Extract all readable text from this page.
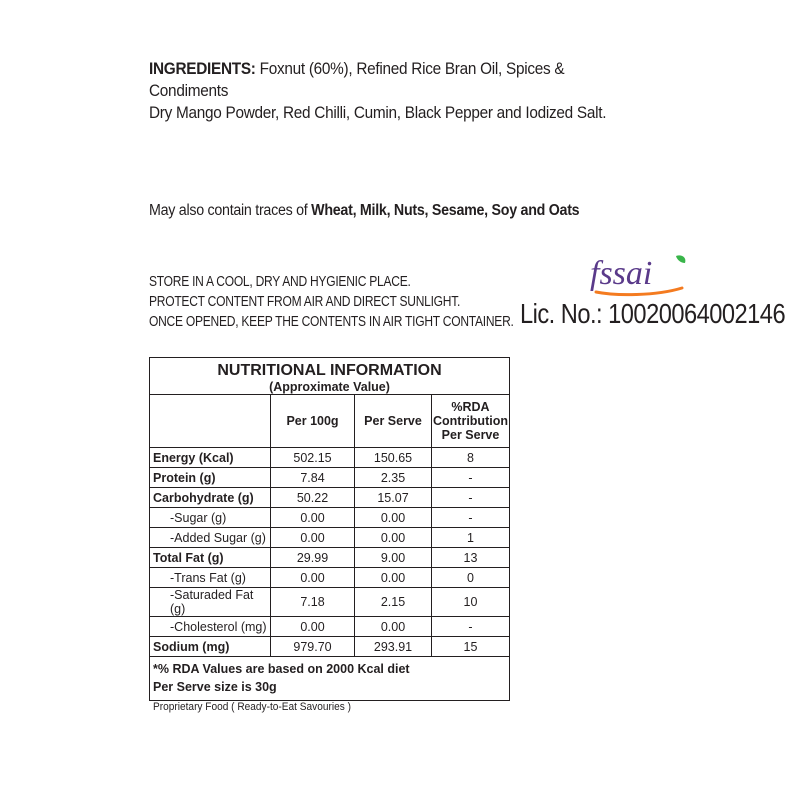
INGREDIENTS: Foxnut (60%), Refined Rice Bran Oil, Spices & Condiments
Dry Mango Powder, Red Chilli, Cumin, Black Pepper and Iodized Salt.
May also contain traces of Wheat, Milk, Nuts, Sesame, Soy and Oats
STORE IN A COOL, DRY AND HYGIENIC PLACE.
PROTECT CONTENT FROM AIR AND DIRECT SUNLIGHT.
ONCE OPENED, KEEP THE CONTENTS IN AIR TIGHT CONTAINER.
fssai
Lic. No.: 10020064002146
NUTRITIONAL INFORMATION
(Approximate Value)			

	Per 100g	Per Serve	%RDA
Contribution
Per Serve

Energy (Kcal)	502.15	150.65	8
Protein (g)	7.84	2.35	-
Carbohydrate (g)	50.22	15.07	-
-Sugar (g)	0.00	0.00	-
-Added Sugar (g)	0.00	0.00	1
Total Fat (g)	29.99	9.00	13
-Trans Fat (g)	0.00	0.00	0
-Saturaded Fat (g)	7.18	2.15	10
-Cholesterol (mg)	0.00	0.00	-
Sodium (mg)	979.70	293.91	15

*% RDA Values are based on 2000 Kcal diet
Per Serve size is 30g			
Proprietary Food ( Ready-to-Eat Savouries )
